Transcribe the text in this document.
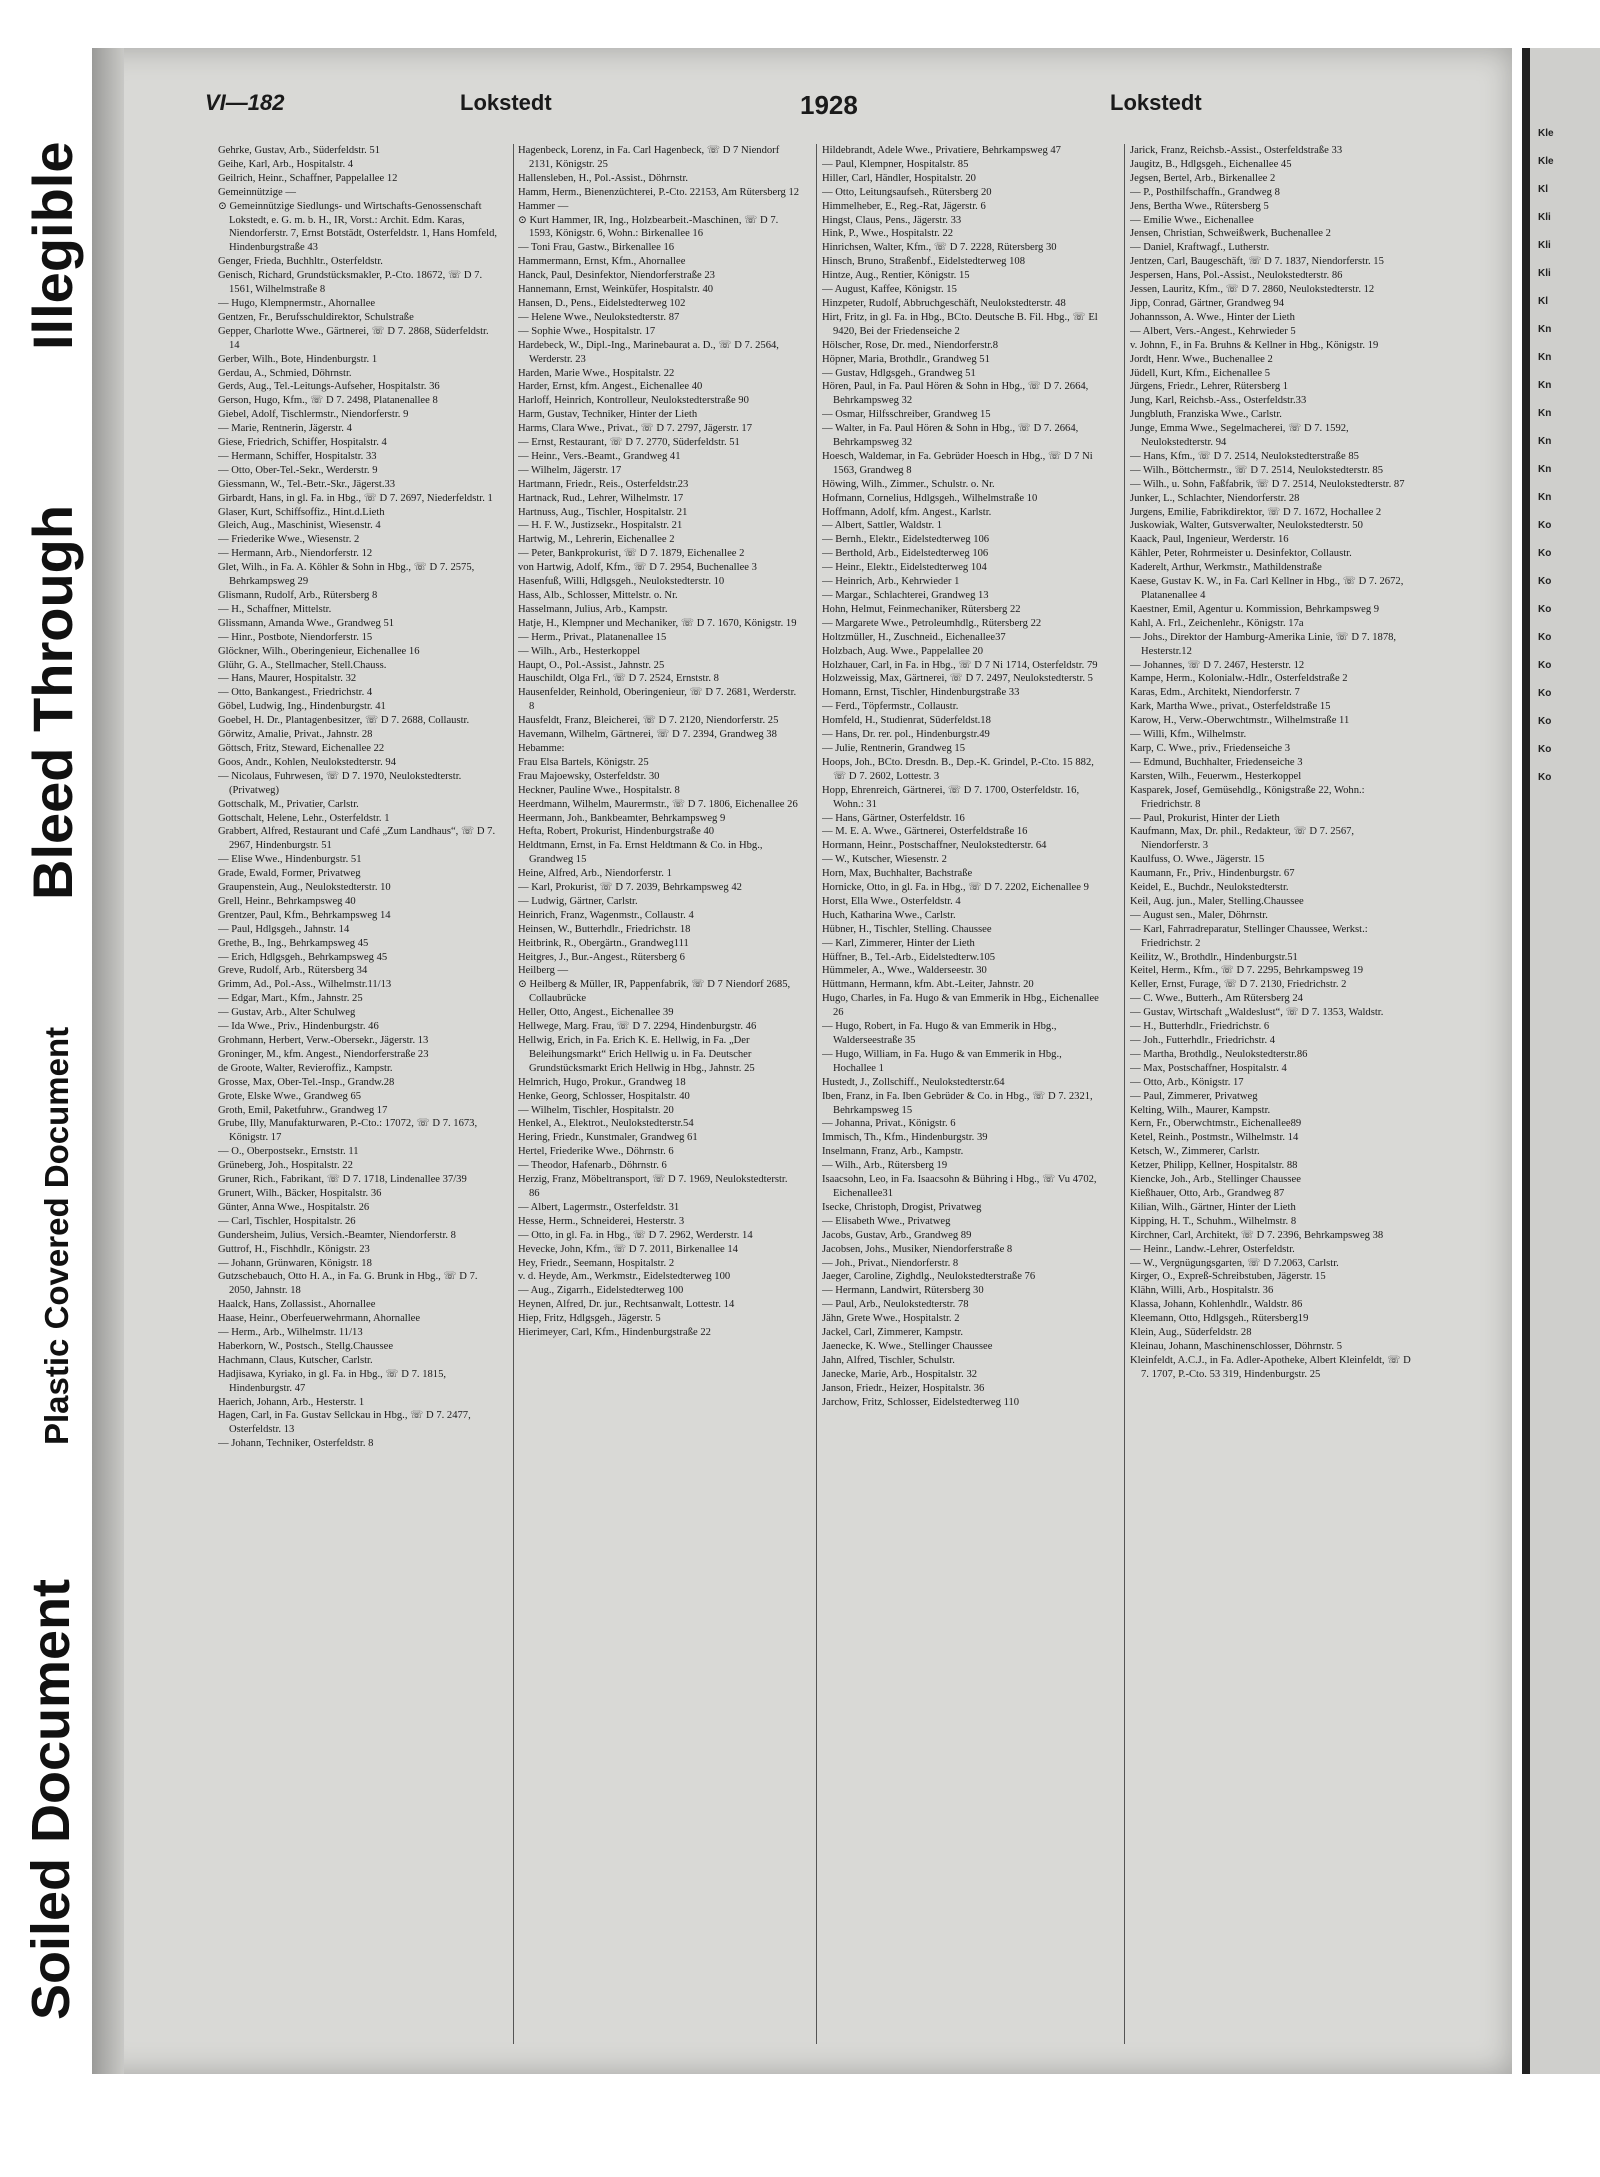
Soiled Document
Plastic Covered Document
Bleed Through
Illegible
Kle
Kle
Kl
Kli
Kli
Kli
Kl
Kn
Kn
Kn
Kn
Kn
Kn
Kn
Ko
Ko
Ko
Ko
Ko
Ko
Ko
Ko
Ko
Ko
VI—182	Lokstedt	1928	Lokstedt

Gehrke, Gustav, Arb., Süderfeldstr. 51

Geihe, Karl, Arb., Hospitalstr. 4

Geilrich, Heinr., Schaffner, Pappelallee 12

Gemeinnützige —

⊙ Gemeinnützige Siedlungs- und Wirtschafts-Genossenschaft Lokstedt, e. G. m. b. H., IR, Vorst.: Archit. Edm. Karas, Niendorferstr. 7, Ernst Botstädt, Osterfeldstr. 1, Hans Homfeld, Hindenburgstraße 43

Genger, Frieda, Buchhltr., Osterfeldstr.

Genisch, Richard, Grundstücksmakler, P.-Cto. 18672, ☏ D 7. 1561, Wilhelmstraße 8

— Hugo, Klempnermstr., Ahornallee

Gentzen, Fr., Berufsschuldirektor, Schulstraße

Gepper, Charlotte Wwe., Gärtnerei, ☏ D 7. 2868, Süderfeldstr. 14

Gerber, Wilh., Bote, Hindenburgstr. 1

Gerdau, A., Schmied, Döhrnstr.

Gerds, Aug., Tel.-Leitungs-Aufseher, Hospitalstr. 36

Gerson, Hugo, Kfm., ☏ D 7. 2498, Platanenallee 8

Giebel, Adolf, Tischlermstr., Niendorferstr. 9

— Marie, Rentnerin, Jägerstr. 4

Giese, Friedrich, Schiffer, Hospitalstr. 4

— Hermann, Schiffer, Hospitalstr. 33

— Otto, Ober-Tel.-Sekr., Werderstr. 9

Giessmann, W., Tel.-Betr.-Skr., Jägerst.33

Girbardt, Hans, in gl. Fa. in Hbg., ☏ D 7. 2697, Niederfeldstr. 1

Glaser, Kurt, Schiffsoffiz., Hint.d.Lieth

Gleich, Aug., Maschinist, Wiesenstr. 4

— Friederike Wwe., Wiesenstr. 2

— Hermann, Arb., Niendorferstr. 12

Glet, Wilh., in Fa. A. Köhler & Sohn in Hbg., ☏ D 7. 2575, Behrkampsweg 29

Glismann, Rudolf, Arb., Rütersberg 8

— H., Schaffner, Mittelstr.

Glissmann, Amanda Wwe., Grandweg 51

— Hinr., Postbote, Niendorferstr. 15

Glöckner, Wilh., Oberingenieur, Eichenallee 16

Glühr, G. A., Stellmacher, Stell.Chauss.

— Hans, Maurer, Hospitalstr. 32

— Otto, Bankangest., Friedrichstr. 4

Göbel, Ludwig, Ing., Hindenburgstr. 41

Goebel, H. Dr., Plantagenbesitzer, ☏ D 7. 2688, Collaustr.

Görwitz, Amalie, Privat., Jahnstr. 28

Göttsch, Fritz, Steward, Eichenallee 22

Goos, Andr., Kohlen, Neulokstedterstr. 94

— Nicolaus, Fuhrwesen, ☏ D 7. 1970, Neulokstedterstr. (Privatweg)

Gottschalk, M., Privatier, Carlstr.

Gottschalt, Helene, Lehr., Osterfeldstr. 1

Grabbert, Alfred, Restaurant und Café „Zum Landhaus“, ☏ D 7. 2967, Hindenburgstr. 51

— Elise Wwe., Hindenburgstr. 51

Grade, Ewald, Former, Privatweg

Graupenstein, Aug., Neulokstedterstr. 10

Grell, Heinr., Behrkampsweg 40

Grentzer, Paul, Kfm., Behrkampsweg 14

— Paul, Hdlgsgeh., Jahnstr. 14

Grethe, B., Ing., Behrkampsweg 45

— Erich, Hdlgsgeh., Behrkampsweg 45

Greve, Rudolf, Arb., Rütersberg 34

Grimm, Ad., Pol.-Ass., Wilhelmstr.11/13

— Edgar, Mart., Kfm., Jahnstr. 25

— Gustav, Arb., Alter Schulweg

— Ida Wwe., Priv., Hindenburgstr. 46

Grohmann, Herbert, Verw.-Obersekr., Jägerstr. 13

Groninger, M., kfm. Angest., Niendorferstraße 23

de Groote, Walter, Revieroffiz., Kampstr.

Grosse, Max, Ober-Tel.-Insp., Grandw.28

Grote, Elske Wwe., Grandweg 65

Groth, Emil, Paketfuhrw., Grandweg 17

Grube, Illy, Manufakturwaren, P.-Cto.: 17072, ☏ D 7. 1673, Königstr. 17

— O., Oberpostsekr., Ernststr. 11

Grüneberg, Joh., Hospitalstr. 22

Gruner, Rich., Fabrikant, ☏ D 7. 1718, Lindenallee 37/39

Grunert, Wilh., Bäcker, Hospitalstr. 36

Günter, Anna Wwe., Hospitalstr. 26

— Carl, Tischler, Hospitalstr. 26

Gundersheim, Julius, Versich.-Beamter, Niendorferstr. 8

Guttrof, H., Fischhdlr., Königstr. 23

— Johann, Grünwaren, Königstr. 18

Gutzschebauch, Otto H. A., in Fa. G. Brunk in Hbg., ☏ D 7. 2050, Jahnstr. 18

Haalck, Hans, Zollassist., Ahornallee

Haase, Heinr., Oberfeuerwehrmann, Ahornallee

— Herm., Arb., Wilhelmstr. 11/13

Haberkorn, W., Postsch., Stellg.Chaussee

Hachmann, Claus, Kutscher, Carlstr.

Hadjisawa, Kyriako, in gl. Fa. in Hbg., ☏ D 7. 1815, Hindenburgstr. 47

Haerich, Johann, Arb., Hesterstr. 1

Hagen, Carl, in Fa. Gustav Sellckau in Hbg., ☏ D 7. 2477, Osterfeldstr. 13

— Johann, Techniker, Osterfeldstr. 8

Hagenbeck, Lorenz, in Fa. Carl Hagenbeck, ☏ D 7 Niendorf 2131, Königstr. 25

Hallensleben, H., Pol.-Assist., Döhrnstr.

Hamm, Herm., Bienenzüchterei, P.-Cto. 22153, Am Rütersberg 12

Hammer —

⊙ Kurt Hammer, IR, Ing., Holzbearbeit.-Maschinen, ☏ D 7. 1593, Königstr. 6, Wohn.: Birkenallee 16

— Toni Frau, Gastw., Birkenallee 16

Hammermann, Ernst, Kfm., Ahornallee

Hanck, Paul, Desinfektor, Niendorferstraße 23

Hannemann, Ernst, Weinküfer, Hospitalstr. 40

Hansen, D., Pens., Eidelstedterweg 102

— Helene Wwe., Neulokstedterstr. 87

— Sophie Wwe., Hospitalstr. 17

Hardebeck, W., Dipl.-Ing., Marinebaurat a. D., ☏ D 7. 2564, Werderstr. 23

Harden, Marie Wwe., Hospitalstr. 22

Harder, Ernst, kfm. Angest., Eichenallee 40

Harloff, Heinrich, Kontrolleur, Neulokstedterstraße 90

Harm, Gustav, Techniker, Hinter der Lieth

Harms, Clara Wwe., Privat., ☏ D 7. 2797, Jägerstr. 17

— Ernst, Restaurant, ☏ D 7. 2770, Süderfeldstr. 51

— Heinr., Vers.-Beamt., Grandweg 41

— Wilhelm, Jägerstr. 17

Hartmann, Friedr., Reis., Osterfeldstr.23

Hartnack, Rud., Lehrer, Wilhelmstr. 17

Hartnuss, Aug., Tischler, Hospitalstr. 21

— H. F. W., Justizsekr., Hospitalstr. 21

Hartwig, M., Lehrerin, Eichenallee 2

— Peter, Bankprokurist, ☏ D 7. 1879, Eichenallee 2

von Hartwig, Adolf, Kfm., ☏ D 7. 2954, Buchenallee 3

Hasenfuß, Willi, Hdlgsgeh., Neulokstedterstr. 10

Hass, Alb., Schlosser, Mittelstr. o. Nr.

Hasselmann, Julius, Arb., Kampstr.

Hatje, H., Klempner und Mechaniker, ☏ D 7. 1670, Königstr. 19

— Herm., Privat., Platanenallee 15

— Wilh., Arb., Hesterkoppel

Haupt, O., Pol.-Assist., Jahnstr. 25

Hauschildt, Olga Frl., ☏ D 7. 2524, Ernststr. 8

Hausenfelder, Reinhold, Oberingenieur, ☏ D 7. 2681, Werderstr. 8

Hausfeldt, Franz, Bleicherei, ☏ D 7. 2120, Niendorferstr. 25

Havemann, Wilhelm, Gärtnerei, ☏ D 7. 2394, Grandweg 38

Hebamme:

Frau Elsa Bartels, Königstr. 25

Frau Majoewsky, Osterfeldstr. 30

Heckner, Pauline Wwe., Hospitalstr. 8

Heerdmann, Wilhelm, Maurermstr., ☏ D 7. 1806, Eichenallee 26

Heermann, Joh., Bankbeamter, Behrkampsweg 9

Hefta, Robert, Prokurist, Hindenburgstraße 40

Heldtmann, Ernst, in Fa. Ernst Heldtmann & Co. in Hbg., Grandweg 15

Heine, Alfred, Arb., Niendorferstr. 1

— Karl, Prokurist, ☏ D 7. 2039, Behrkampsweg 42

— Ludwig, Gärtner, Carlstr.

Heinrich, Franz, Wagenmstr., Collaustr. 4

Heinsen, W., Butterhdlr., Friedrichstr. 18

Heitbrink, R., Obergärtn., Grandweg111

Heitgres, J., Bur.-Angest., Rütersberg 6

Heilberg —

⊙ Heilberg & Müller, IR, Pappenfabrik, ☏ D 7 Niendorf 2685, Collaubrücke

Heller, Otto, Angest., Eichenallee 39

Hellwege, Marg. Frau, ☏ D 7. 2294, Hindenburgstr. 46

Hellwig, Erich, in Fa. Erich K. E. Hellwig, in Fa. „Der Beleihungsmarkt“ Erich Hellwig u. in Fa. Deutscher Grundstücksmarkt Erich Hellwig in Hbg., Jahnstr. 25

Helmrich, Hugo, Prokur., Grandweg 18

Henke, Georg, Schlosser, Hospitalstr. 40

— Wilhelm, Tischler, Hospitalstr. 20

Henkel, A., Elektrot., Neulokstedterstr.54

Hering, Friedr., Kunstmaler, Grandweg 61

Hertel, Friederike Wwe., Döhrnstr. 6

— Theodor, Hafenarb., Döhrnstr. 6

Herzig, Franz, Möbeltransport, ☏ D 7. 1969, Neulokstedterstr. 86

— Albert, Lagermstr., Osterfeldstr. 31

Hesse, Herm., Schneiderei, Hesterstr. 3

— Otto, in gl. Fa. in Hbg., ☏ D 7. 2962, Werderstr. 14

Hevecke, John, Kfm., ☏ D 7. 2011, Birkenallee 14

Hey, Friedr., Seemann, Hospitalstr. 2

v. d. Heyde, Am., Werkmstr., Eidelstedterweg 100

— Aug., Zigarrh., Eidelstedterweg 100

Heynen, Alfred, Dr. jur., Rechtsanwalt, Lottestr. 14

Hiep, Fritz, Hdlgsgeh., Jägerstr. 5

Hierimeyer, Carl, Kfm., Hindenburgstraße 22

Hildebrandt, Adele Wwe., Privatiere, Behrkampsweg 47

— Paul, Klempner, Hospitalstr. 85

Hiller, Carl, Händler, Hospitalstr. 20

— Otto, Leitungsaufseh., Rütersberg 20

Himmelheber, E., Reg.-Rat, Jägerstr. 6

Hingst, Claus, Pens., Jägerstr. 33

Hink, P., Wwe., Hospitalstr. 22

Hinrichsen, Walter, Kfm., ☏ D 7. 2228, Rütersberg 30

Hinsch, Bruno, Straßenbf., Eidelstedterweg 108

Hintze, Aug., Rentier, Königstr. 15

— August, Kaffee, Königstr. 15

Hinzpeter, Rudolf, Abbruchgeschäft, Neulokstedterstr. 48

Hirt, Fritz, in gl. Fa. in Hbg., BCto. Deutsche B. Fil. Hbg., ☏ El 9420, Bei der Friedenseiche 2

Hölscher, Rose, Dr. med., Niendorferstr.8

Höpner, Maria, Brothdlr., Grandweg 51

— Gustav, Hdlgsgeh., Grandweg 51

Hören, Paul, in Fa. Paul Hören & Sohn in Hbg., ☏ D 7. 2664, Behrkampsweg 32

— Osmar, Hilfsschreiber, Grandweg 15

— Walter, in Fa. Paul Hören & Sohn in Hbg., ☏ D 7. 2664, Behrkampsweg 32

Hoesch, Waldemar, in Fa. Gebrüder Hoesch in Hbg., ☏ D 7 Ni 1563, Grandweg 8

Höwing, Wilh., Zimmer., Schulstr. o. Nr.

Hofmann, Cornelius, Hdlgsgeh., Wilhelmstraße 10

Hoffmann, Adolf, kfm. Angest., Karlstr.

— Albert, Sattler, Waldstr. 1

— Bernh., Elektr., Eidelstedterweg 106

— Berthold, Arb., Eidelstedterweg 106

— Heinr., Elektr., Eidelstedterweg 104

— Heinrich, Arb., Kehrwieder 1

— Margar., Schlachterei, Grandweg 13

Hohn, Helmut, Feinmechaniker, Rütersberg 22

— Margarete Wwe., Petroleumhdlg., Rütersberg 22

Holtzmüller, H., Zuschneid., Eichenallee37

Holzbach, Aug. Wwe., Pappelallee 20

Holzhauer, Carl, in Fa. in Hbg., ☏ D 7 Ni 1714, Osterfeldstr. 79

Holzweissig, Max, Gärtnerei, ☏ D 7. 2497, Neulokstedterstr. 5

Homann, Ernst, Tischler, Hindenburgstraße 33

— Ferd., Töpfermstr., Collaustr.

Homfeld, H., Studienrat, Süderfeldst.18

— Hans, Dr. rer. pol., Hindenburgstr.49

— Julie, Rentnerin, Grandweg 15

Hoops, Joh., BCto. Dresdn. B., Dep.-K. Grindel, P.-Cto. 15 882, ☏ D 7. 2602, Lottestr. 3

Hopp, Ehrenreich, Gärtnerei, ☏ D 7. 1700, Osterfeldstr. 16, Wohn.: 31

— Hans, Gärtner, Osterfeldstr. 16

— M. E. A. Wwe., Gärtnerei, Osterfeldstraße 16

Hormann, Heinr., Postschaffner, Neulokstedterstr. 64

— W., Kutscher, Wiesenstr. 2

Horn, Max, Buchhalter, Bachstraße

Hornicke, Otto, in gl. Fa. in Hbg., ☏ D 7. 2202, Eichenallee 9

Horst, Ella Wwe., Osterfeldstr. 4

Huch, Katharina Wwe., Carlstr.

Hübner, H., Tischler, Stelling. Chaussee

— Karl, Zimmerer, Hinter der Lieth

Hüffner, B., Tel.-Arb., Eidelstedterw.105

Hümmeler, A., Wwe., Walderseestr. 30

Hüttmann, Hermann, kfm. Abt.-Leiter, Jahnstr. 20

Hugo, Charles, in Fa. Hugo & van Emmerik in Hbg., Eichenallee 26

— Hugo, Robert, in Fa. Hugo & van Emmerik in Hbg., Walderseestraße 35

— Hugo, William, in Fa. Hugo & van Emmerik in Hbg., Hochallee 1

Hustedt, J., Zollschiff., Neulokstedterstr.64

Iben, Franz, in Fa. Iben Gebrüder & Co. in Hbg., ☏ D 7. 2321, Behrkampsweg 15

— Johanna, Privat., Königstr. 6

Immisch, Th., Kfm., Hindenburgstr. 39

Inselmann, Franz, Arb., Kampstr.

— Wilh., Arb., Rütersberg 19

Isaacsohn, Leo, in Fa. Isaacsohn & Bühring i Hbg., ☏ Vu 4702, Eichenallee31

Isecke, Christoph, Drogist, Privatweg

— Elisabeth Wwe., Privatweg

Jacobs, Gustav, Arb., Grandweg 89

Jacobsen, Johs., Musiker, Niendorferstraße 8

— Joh., Privat., Niendorferstr. 8

Jaeger, Caroline, Zighdlg., Neulokstedterstraße 76

— Hermann, Landwirt, Rütersberg 30

— Paul, Arb., Neulokstedterstr. 78

Jähn, Grete Wwe., Hospitalstr. 2

Jackel, Carl, Zimmerer, Kampstr.

Jaenecke, K. Wwe., Stellinger Chaussee

Jahn, Alfred, Tischler, Schulstr.

Janecke, Marie, Arb., Hospitalstr. 32

Janson, Friedr., Heizer, Hospitalstr. 36

Jarchow, Fritz, Schlosser, Eidelstedterweg 110

Jarick, Franz, Reichsb.-Assist., Osterfeldstraße 33

Jaugitz, B., Hdlgsgeh., Eichenallee 45

Jegsen, Bertel, Arb., Birkenallee 2

— P., Posthilfschaffn., Grandweg 8

Jens, Bertha Wwe., Rütersberg 5

— Emilie Wwe., Eichenallee

Jensen, Christian, Schweißwerk, Buchenallee 2

— Daniel, Kraftwagf., Lutherstr.

Jentzen, Carl, Baugeschäft, ☏ D 7. 1837, Niendorferstr. 15

Jespersen, Hans, Pol.-Assist., Neulokstedterstr. 86

Jessen, Lauritz, Kfm., ☏ D 7. 2860, Neulokstedterstr. 12

Jipp, Conrad, Gärtner, Grandweg 94

Johannsson, A. Wwe., Hinter der Lieth

— Albert, Vers.-Angest., Kehrwieder 5

v. Johnn, F., in Fa. Bruhns & Kellner in Hbg., Königstr. 19

Jordt, Henr. Wwe., Buchenallee 2

Jüdell, Kurt, Kfm., Eichenallee 5

Jürgens, Friedr., Lehrer, Rütersberg 1

Jung, Karl, Reichsb.-Ass., Osterfeldstr.33

Jungbluth, Franziska Wwe., Carlstr.

Junge, Emma Wwe., Segelmacherei, ☏ D 7. 1592, Neulokstedterstr. 94

— Hans, Kfm., ☏ D 7. 2514, Neulokstedterstraße 85

— Wilh., Böttchermstr., ☏ D 7. 2514, Neulokstedterstr. 85

— Wilh., u. Sohn, Faßfabrik, ☏ D 7. 2514, Neulokstedterstr. 87

Junker, L., Schlachter, Niendorferstr. 28

Jurgens, Emilie, Fabrikdirektor, ☏ D 7. 1672, Hochallee 2

Juskowiak, Walter, Gutsverwalter, Neulokstedterstr. 50

Kaack, Paul, Ingenieur, Werderstr. 16

Kähler, Peter, Rohrmeister u. Desinfektor, Collaustr.

Kaderelt, Arthur, Werkmstr., Mathildenstraße

Kaese, Gustav K. W., in Fa. Carl Kellner in Hbg., ☏ D 7. 2672, Platanenallee 4

Kaestner, Emil, Agentur u. Kommission, Behrkampsweg 9

Kahl, A. Frl., Zeichenlehr., Königstr. 17a

— Johs., Direktor der Hamburg-Amerika Linie, ☏ D 7. 1878, Hesterstr.12

— Johannes, ☏ D 7. 2467, Hesterstr. 12

Kampe, Herm., Kolonialw.-Hdlr., Osterfeldstraße 2

Karas, Edm., Architekt, Niendorferstr. 7

Kark, Martha Wwe., privat., Osterfeldstraße 15

Karow, H., Verw.-Oberwchtmstr., Wilhelmstraße 11

— Willi, Kfm., Wilhelmstr.

Karp, C. Wwe., priv., Friedenseiche 3

— Edmund, Buchhalter, Friedenseiche 3

Karsten, Wilh., Feuerwm., Hesterkoppel

Kasparek, Josef, Gemüsehdlg., Königstraße 22, Wohn.: Friedrichstr. 8

— Paul, Prokurist, Hinter der Lieth

Kaufmann, Max, Dr. phil., Redakteur, ☏ D 7. 2567, Niendorferstr. 3

Kaulfuss, O. Wwe., Jägerstr. 15

Kaumann, Fr., Priv., Hindenburgstr. 67

Keidel, E., Buchdr., Neulokstedterstr.

Keil, Aug. jun., Maler, Stelling.Chaussee

— August sen., Maler, Döhrnstr.

— Karl, Fahrradreparatur, Stellinger Chaussee, Werkst.: Friedrichstr. 2

Keilitz, W., Brothdlr., Hindenburgstr.51

Keitel, Herm., Kfm., ☏ D 7. 2295, Behrkampsweg 19

Keller, Ernst, Furage, ☏ D 7. 2130, Friedrichstr. 2

— C. Wwe., Butterh., Am Rütersberg 24

— Gustav, Wirtschaft „Waldeslust“, ☏ D 7. 1353, Waldstr.

— H., Butterhdlr., Friedrichstr. 6

— Joh., Futterhdlr., Friedrichstr. 4

— Martha, Brothdlg., Neulokstedterstr.86

— Max, Postschaffner, Hospitalstr. 4

— Otto, Arb., Königstr. 17

— Paul, Zimmerer, Privatweg

Kelting, Wilh., Maurer, Kampstr.

Kern, Fr., Oberwchtmstr., Eichenallee89

Ketel, Reinh., Postmstr., Wilhelmstr. 14

Ketsch, W., Zimmerer, Carlstr.

Ketzer, Philipp, Kellner, Hospitalstr. 88

Kiencke, Joh., Arb., Stellinger Chaussee

Kießhauer, Otto, Arb., Grandweg 87

Kilian, Wilh., Gärtner, Hinter der Lieth

Kipping, H. T., Schuhm., Wilhelmstr. 8

Kirchner, Carl, Architekt, ☏ D 7. 2396, Behrkampsweg 38

— Heinr., Landw.-Lehrer, Osterfeldstr.

— W., Vergnügungsgarten, ☏ D 7.2063, Carlstr.

Kirger, O., Expreß-Schreibstuben, Jägerstr. 15

Klähn, Willi, Arb., Hospitalstr. 36

Klassa, Johann, Kohlenhdlr., Waldstr. 86

Kleemann, Otto, Hdlgsgeh., Rütersberg19

Klein, Aug., Süderfeldstr. 28

Kleinau, Johann, Maschinenschlosser, Döhrnstr. 5

Kleinfeldt, A.C.J., in Fa. Adler-Apotheke, Albert Kleinfeldt, ☏ D 7. 1707, P.-Cto. 53 319, Hindenburgstr. 25
